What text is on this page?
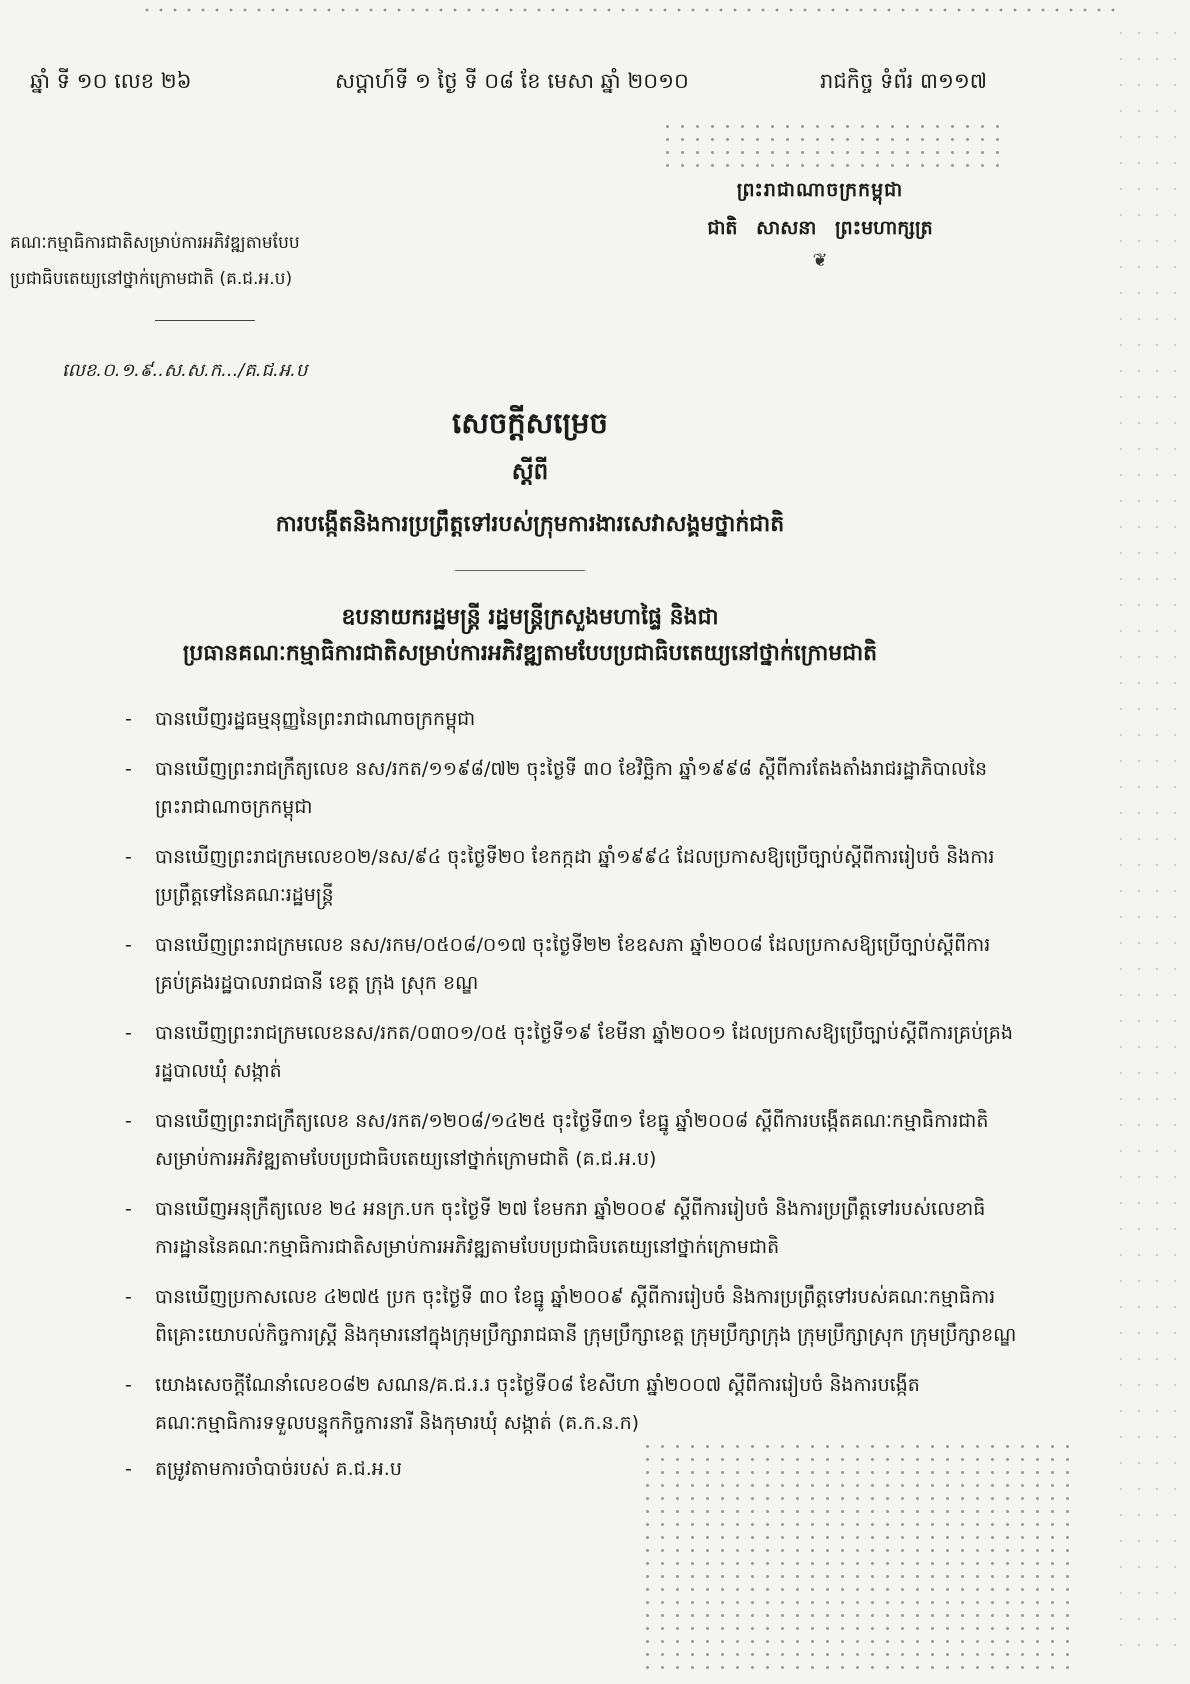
ឆ្នាំ ទី ១០ លេខ ២៦	សប្តាហ៍ទី ១ ថ្ងៃ ទី ០៨ ខែ មេសា ឆ្នាំ ២០១០	រាជកិច្ច ទំព័រ ៣១១៧
ព្រះរាជាណាចក្រកម្ពុជា
ជាតិ សាសនា ព្រះមហាក្សត្រ
❦
គណៈកម្មាធិការជាតិសម្រាប់ការអភិវឌ្ឍតាមបែប
ប្រជាធិបតេយ្យនៅថ្នាក់ក្រោមជាតិ (គ.ជ.អ.ប)
លេខ.០.១.៩..ស.ស.ក.../គ.ជ.អ.ប
សេចក្តីសម្រេច
ស្តីពី
ការបង្កើតនិងការប្រព្រឹត្តទៅរបស់ក្រុមការងារសេវាសង្គមថ្នាក់ជាតិ
ឧបនាយករដ្ឋមន្ត្រី រដ្ឋមន្ត្រីក្រសួងមហាផ្ទៃ និងជា
ប្រធានគណៈកម្មាធិការជាតិសម្រាប់ការអភិវឌ្ឍតាមបែបប្រជាធិបតេយ្យនៅថ្នាក់ក្រោមជាតិ
- បានឃើញរដ្ឋធម្មនុញ្ញនៃព្រះរាជាណាចក្រកម្ពុជា
- បានឃើញព្រះរាជក្រឹត្យលេខ នស/រកត/១១៩៨/៧២ ចុះថ្ងៃទី ៣០ ខែវិច្ឆិកា ឆ្នាំ១៩៩៨ ស្តីពីការតែងតាំងរាជរដ្ឋាភិបាលនៃព្រះរាជាណាចក្រកម្ពុជា
- បានឃើញព្រះរាជក្រមលេខ០២/នស/៩៤ ចុះថ្ងៃទី២០ ខែកក្កដា ឆ្នាំ១៩៩៤ ដែលប្រកាសឱ្យប្រើច្បាប់ស្តីពីការរៀបចំ និងការប្រព្រឹត្តទៅនៃគណៈរដ្ឋមន្ត្រី
- បានឃើញព្រះរាជក្រមលេខ នស/រកម/០៥០៨/០១៧ ចុះថ្ងៃទី២២ ខែឧសភា ឆ្នាំ២០០៨ ដែលប្រកាសឱ្យប្រើច្បាប់ស្តីពីការគ្រប់គ្រងរដ្ឋបាលរាជធានី ខេត្ត ក្រុង ស្រុក ខណ្ឌ
- បានឃើញព្រះរាជក្រមលេខនស/រកត/០៣០១/០៥ ចុះថ្ងៃទី១៩ ខែមីនា ឆ្នាំ២០០១ ដែលប្រកាសឱ្យប្រើច្បាប់ស្តីពីការគ្រប់គ្រងរដ្ឋបាលឃុំ សង្កាត់
- បានឃើញព្រះរាជក្រឹត្យលេខ នស/រកត/១២០៨/១៤២៥ ចុះថ្ងៃទី៣១ ខែធ្នូ ឆ្នាំ២០០៨ ស្តីពីការបង្កើតគណៈកម្មាធិការជាតិសម្រាប់ការអភិវឌ្ឍតាមបែបប្រជាធិបតេយ្យនៅថ្នាក់ក្រោមជាតិ (គ.ជ.អ.ប)
- បានឃើញអនុក្រឹត្យលេខ ២៤ អនក្រ.បក ចុះថ្ងៃទី ២៧ ខែមករា ឆ្នាំ២០០៩ ស្តីពីការរៀបចំ និងការប្រព្រឹត្តទៅរបស់លេខាធិការដ្ឋាននៃគណៈកម្មាធិការជាតិសម្រាប់ការអភិវឌ្ឍតាមបែបប្រជាធិបតេយ្យនៅថ្នាក់ក្រោមជាតិ
- បានឃើញប្រកាសលេខ ៤២៧៥ ប្រក ចុះថ្ងៃទី ៣០ ខែធ្នូ ឆ្នាំ២០០៩ ស្តីពីការរៀបចំ និងការប្រព្រឹត្តទៅរបស់គណៈកម្មាធិការពិគ្រោះយោបល់កិច្ចការស្ត្រី និងកុមារនៅក្នុងក្រុមប្រឹក្សារាជធានី ក្រុមប្រឹក្សាខេត្ត ក្រុមប្រឹក្សាក្រុង ក្រុមប្រឹក្សាស្រុក ក្រុមប្រឹក្សាខណ្ឌ
- យោងសេចក្តីណែនាំលេខ០៨២ សណន/គ.ជ.រ.រ ចុះថ្ងៃទី០៨ ខែសីហា ឆ្នាំ២០០៧ ស្តីពីការរៀបចំ និងការបង្កើតគណៈកម្មាធិការទទួលបន្ទុកកិច្ចការនារី និងកុមារឃុំ សង្កាត់ (គ.ក.ន.ក)
- តម្រូវតាមការចាំបាច់របស់ គ.ជ.អ.ប
